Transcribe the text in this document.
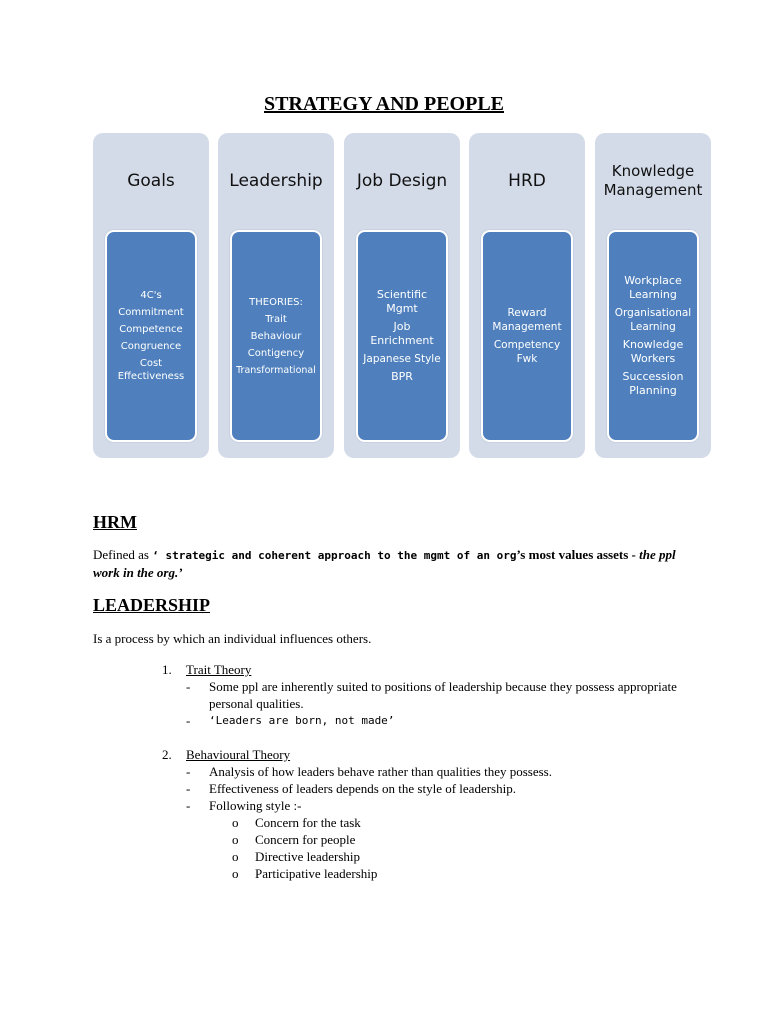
STRATEGY AND PEOPLE
Goals
4C's
Commitment
Competence
Congruence
Cost Effectiveness
Leadership
THEORIES:
Trait
Behaviour
Contigency
Transformational
Job Design
Scientific Mgmt
Job Enrichment
Japanese Style
BPR
HRD
Reward Management
Competency Fwk
Knowledge Management
Workplace Learning
Organisational Learning
Knowledge Workers
Succession Planning
HRM
Defined as ‘ strategic and coherent approach to the mgmt of an org’s most values assets - the ppl work in the org.’
LEADERSHIP
Is a process by which an individual influences others.
1. Trait Theory
- Some ppl are inherently suited to positions of leadership because they possess appropriate personal qualities.
- ‘Leaders are born, not made’
2. Behavioural Theory
- Analysis of how leaders behave rather than qualities they possess.
- Effectiveness of leaders depends on the style of leadership.
- Following style :-
o Concern for the task
o Concern for people
o Directive leadership
o Participative leadership
